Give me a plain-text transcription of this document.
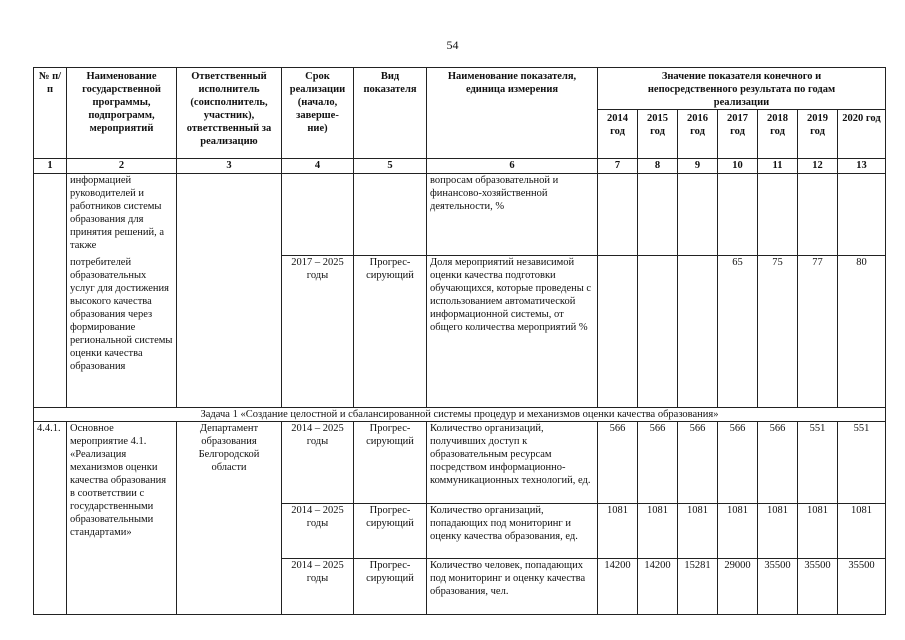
54
№ п/п	Наименование государственной программы, подпрограмм, мероприятий	Ответственный исполнитель (соисполнитель, участник), ответственный за реализацию	Срок реализации (начало, заверше- ние)	Вид показателя	Наименование показателя, единица измерения	Значение показателя конечного и непосредственного результата по годам реализации						
						2014 год	2015 год	2016 год	2017 год	2018 год	2019 год	2020 год
1	2	3	4	5	6	7	8	9	10	11	12	13
	информацией руководителей и работников системы образования для принятия решений, а также				вопросам образовательной и финансово-хозяйственной деятельности, %							
	потребителей образовательных услуг для достижения высокого качества образования через формирование региональной системы оценки качества образования		2017 – 2025 годы	Прогрес- сирующий	Доля мероприятий независимой оценки качества подготовки обучающихся, которые проведены с использованием автоматической информационной системы, от общего количества мероприятий %				65	75	77	80
Задача 1 «Создание целостной и сбалансированной системы процедур и механизмов оценки качества образования»												
4.4.1.	Основное мероприятие 4.1. «Реализация механизмов оценки качества образования в соответствии с государственными образовательными стандартами»	Департамент образования Белгородской области	2014 – 2025 годы	Прогрес- сирующий	Количество организаций, получивших доступ к образовательным ресурсам посредством информационно-коммуникационных технологий, ед.	566	566	566	566	566	551	551
			2014 – 2025 годы	Прогрес- сирующий	Количество организаций, попадающих под мониторинг и оценку качества образования, ед.	1081	1081	1081	1081	1081	1081	1081
			2014 – 2025 годы	Прогрес- сирующий	Количество человек, попадающих под мониторинг и оценку качества образования, чел.	14200	14200	15281	29000	35500	35500	35500
